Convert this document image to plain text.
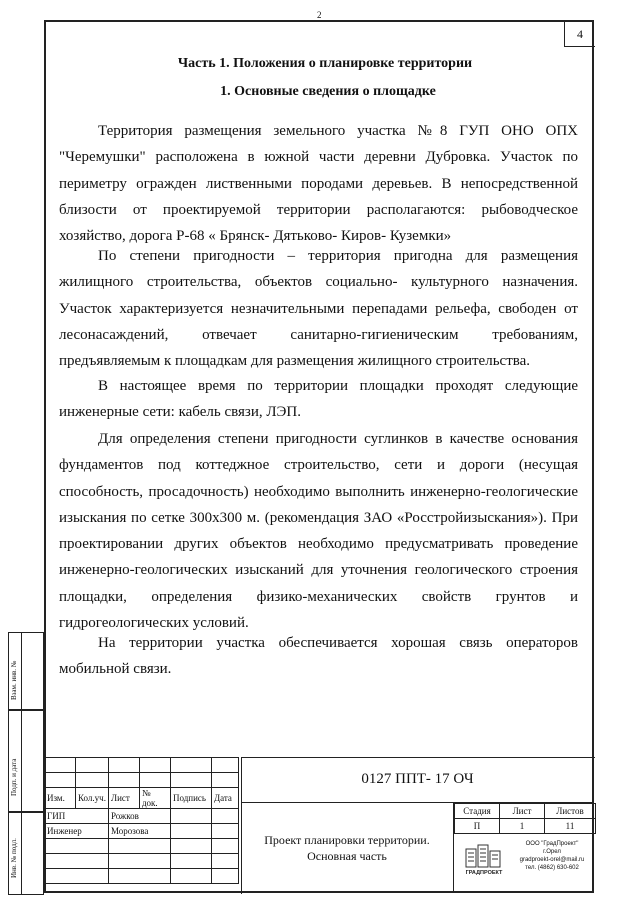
2
4
Часть 1. Положения о планировке территории
1. Основные сведения о площадке

Территория размещения земельного участка №8 ГУП ОНО ОПХ "Черемушки" расположена в южной части деревни Дубровка. Участок по периметру огражден лиственными породами деревьев. В непосредственной близости от проектируемой территории располагаются: рыбоводческое хозяйство, дорога Р-68 « Брянск- Дятьково- Киров- Куземки»

По степени пригодности – территория пригодна для размещения жилищного строительства, объектов социально- культурного назначения. Участок характеризуется незначительными перепадами рельефа, свободен от лесонасаждений, отвечает санитарно-гигиеническим требованиям, предъявляемым к площадкам для размещения жилищного строительства.

В настоящее время по территории площадки проходят следующие инженерные сети: кабель связи, ЛЭП.

Для определения степени пригодности суглинков в качестве основания фундаментов под коттеджное строительство, сети и дороги (несущая способность, просадочность) необходимо выполнить инженерно-геологические изыскания по сетке 300х300 м. (рекомендация ЗАО «Росстройизыскания»). При проектировании других объектов необходимо предусматривать проведение инженерно-геологических изысканий для уточнения геологического строения площадки, определения физико-механических свойств грунтов и гидрогеологических условий.

На территории участка обеспечивается хорошая связь операторов мобильной связи.

Взам. инв. №
Подп. и дата
Инв. № подл.

Изм.	Кол.уч.	Лист	№ док.	Подпись	Дата
ГИП		Рожков			
Инженер		Морозова			

0127 ППТ- 17 ОЧ
Проект планировки территории.
Основная часть
Стадия	Лист	Листов
П	1	11
ГРАДПРОЕКТ
ООО "ГрадПроект"
г.Орел
gradproekt-orel@mail.ru
тел. (4862) 630-602
